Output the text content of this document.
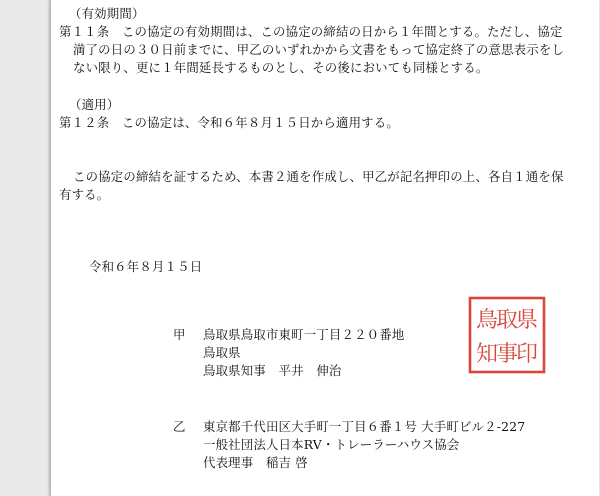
（有効期間）
第１１条　この協定の有効期間は、この協定の締結の日から１年間とする。ただし、協定
満了の日の３０日前までに、甲乙のいずれかから文書をもって協定終了の意思表示をし
ない限り、更に１年間延長するものとし、その後においても同様とする。
（適用）
第１２条　この協定は、令和６年８月１５日から適用する。
この協定の締結を証するため、本書２通を作成し、甲乙が記名押印の上、各自１通を保
有する。
令和６年８月１５日
甲 鳥取県鳥取市東町一丁目２２０番地
鳥取県
鳥取県知事　平井　伸治
県
取
鳥
印
事
知
乙 東京都千代田区大手町一丁目６番１号 大手町ビル２-227
一般社団法人日本RV・トレーラーハウス協会
代表理事　稲吉 啓
